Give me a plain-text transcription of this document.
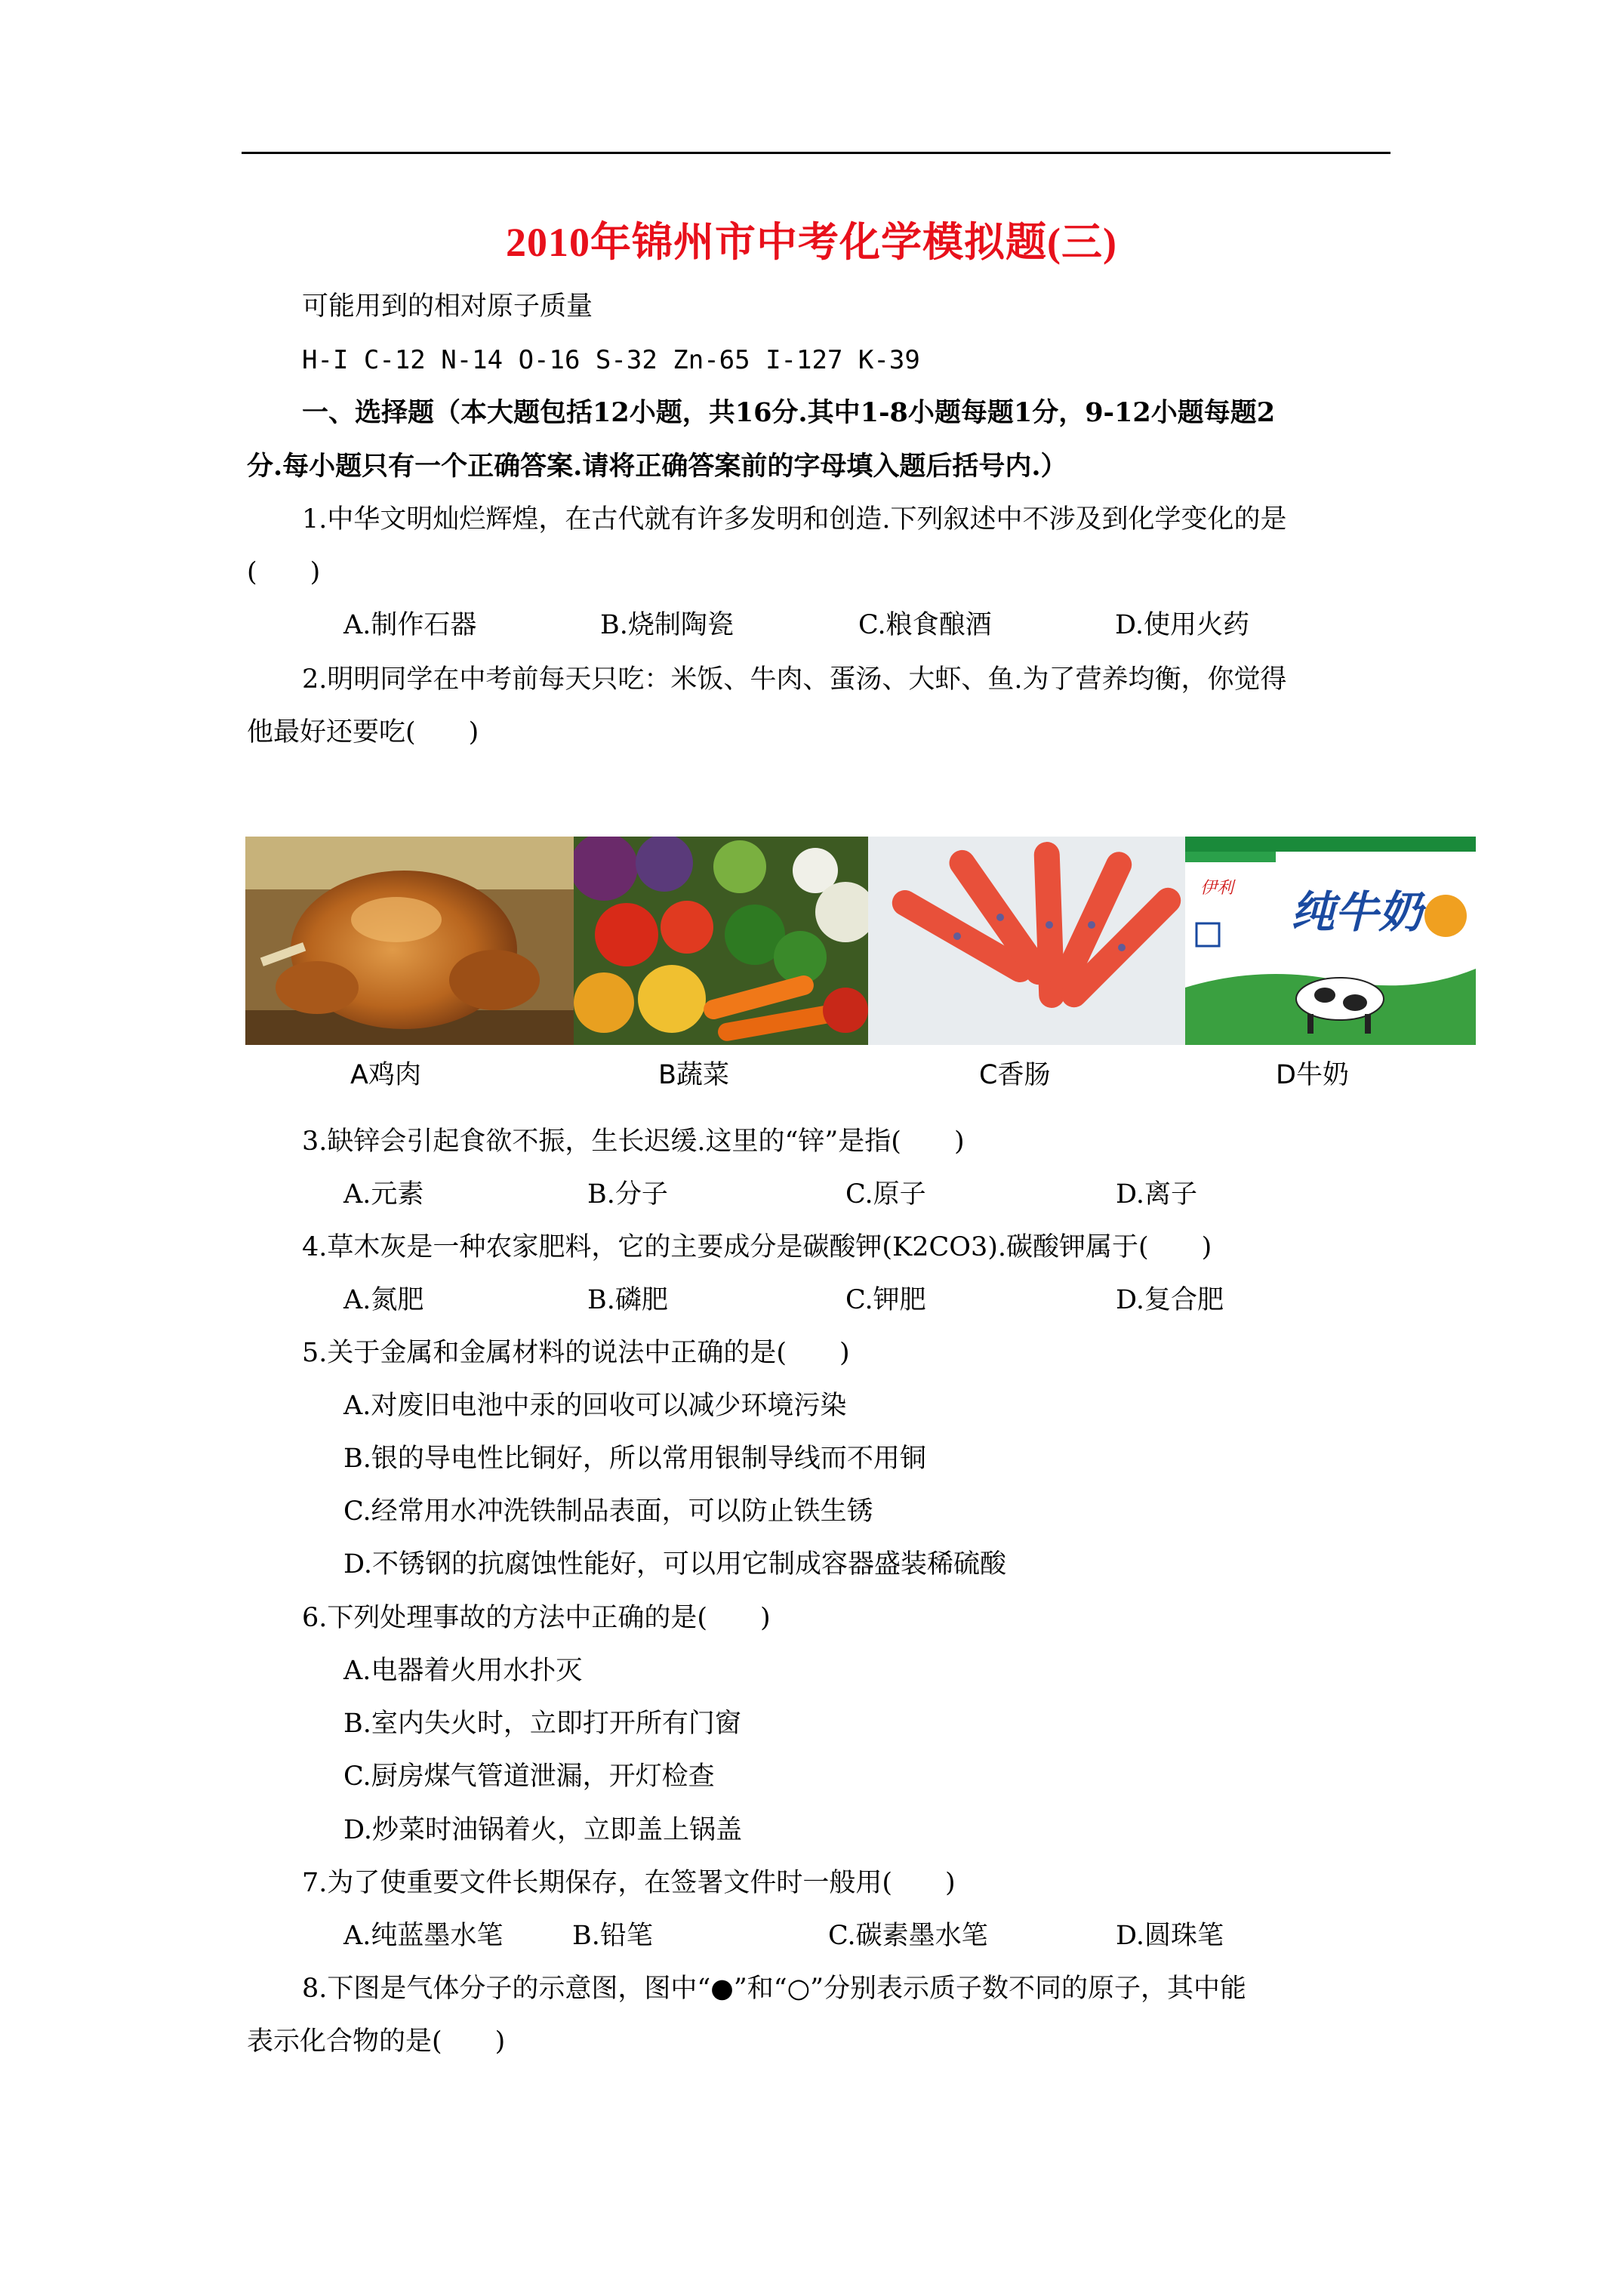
2010年锦州市中考化学模拟题(三)
可能用到的相对原子质量
H-I C-12 N-14 O-16 S-32 Zn-65 I-127 K-39
一、选择题（本大题包括12小题，共16分.其中1-8小题每题1分，9-12小题每题2
分.每小题只有一个正确答案.请将正确答案前的字母填入题后括号内.）
1.中华文明灿烂辉煌，在古代就有许多发明和创造.下列叙述中不涉及到化学变化的是
(　　)
A.制作石器	B.烧制陶瓷	C.粮食酿酒	D.使用火药
2.明明同学在中考前每天只吃：米饭、牛肉、蛋汤、大虾、鱼.为了营养均衡，你觉得
他最好还要吃(　　)
伊利 纯牛奶
A鸡肉	B蔬菜	C香肠	D牛奶
3.缺锌会引起食欲不振，生长迟缓.这里的“锌”是指(　　)
A.元素	B.分子	C.原子	D.离子
4.草木灰是一种农家肥料，它的主要成分是碳酸钾(K2CO3).碳酸钾属于(　　)
A.氮肥	B.磷肥	C.钾肥	D.复合肥
5.关于金属和金属材料的说法中正确的是(　　)
A.对废旧电池中汞的回收可以减少环境污染
B.银的导电性比铜好，所以常用银制导线而不用铜
C.经常用水冲洗铁制品表面，可以防止铁生锈
D.不锈钢的抗腐蚀性能好，可以用它制成容器盛装稀硫酸
6.下列处理事故的方法中正确的是(　　)
A.电器着火用水扑灭
B.室内失火时，立即打开所有门窗
C.厨房煤气管道泄漏，开灯检查
D.炒菜时油锅着火，立即盖上锅盖
7.为了使重要文件长期保存，在签署文件时一般用(　　)
A.纯蓝墨水笔	B.铅笔	C.碳素墨水笔	D.圆珠笔
8.下图是气体分子的示意图，图中“●”和“○”分别表示质子数不同的原子，其中能
表示化合物的是(　　)
